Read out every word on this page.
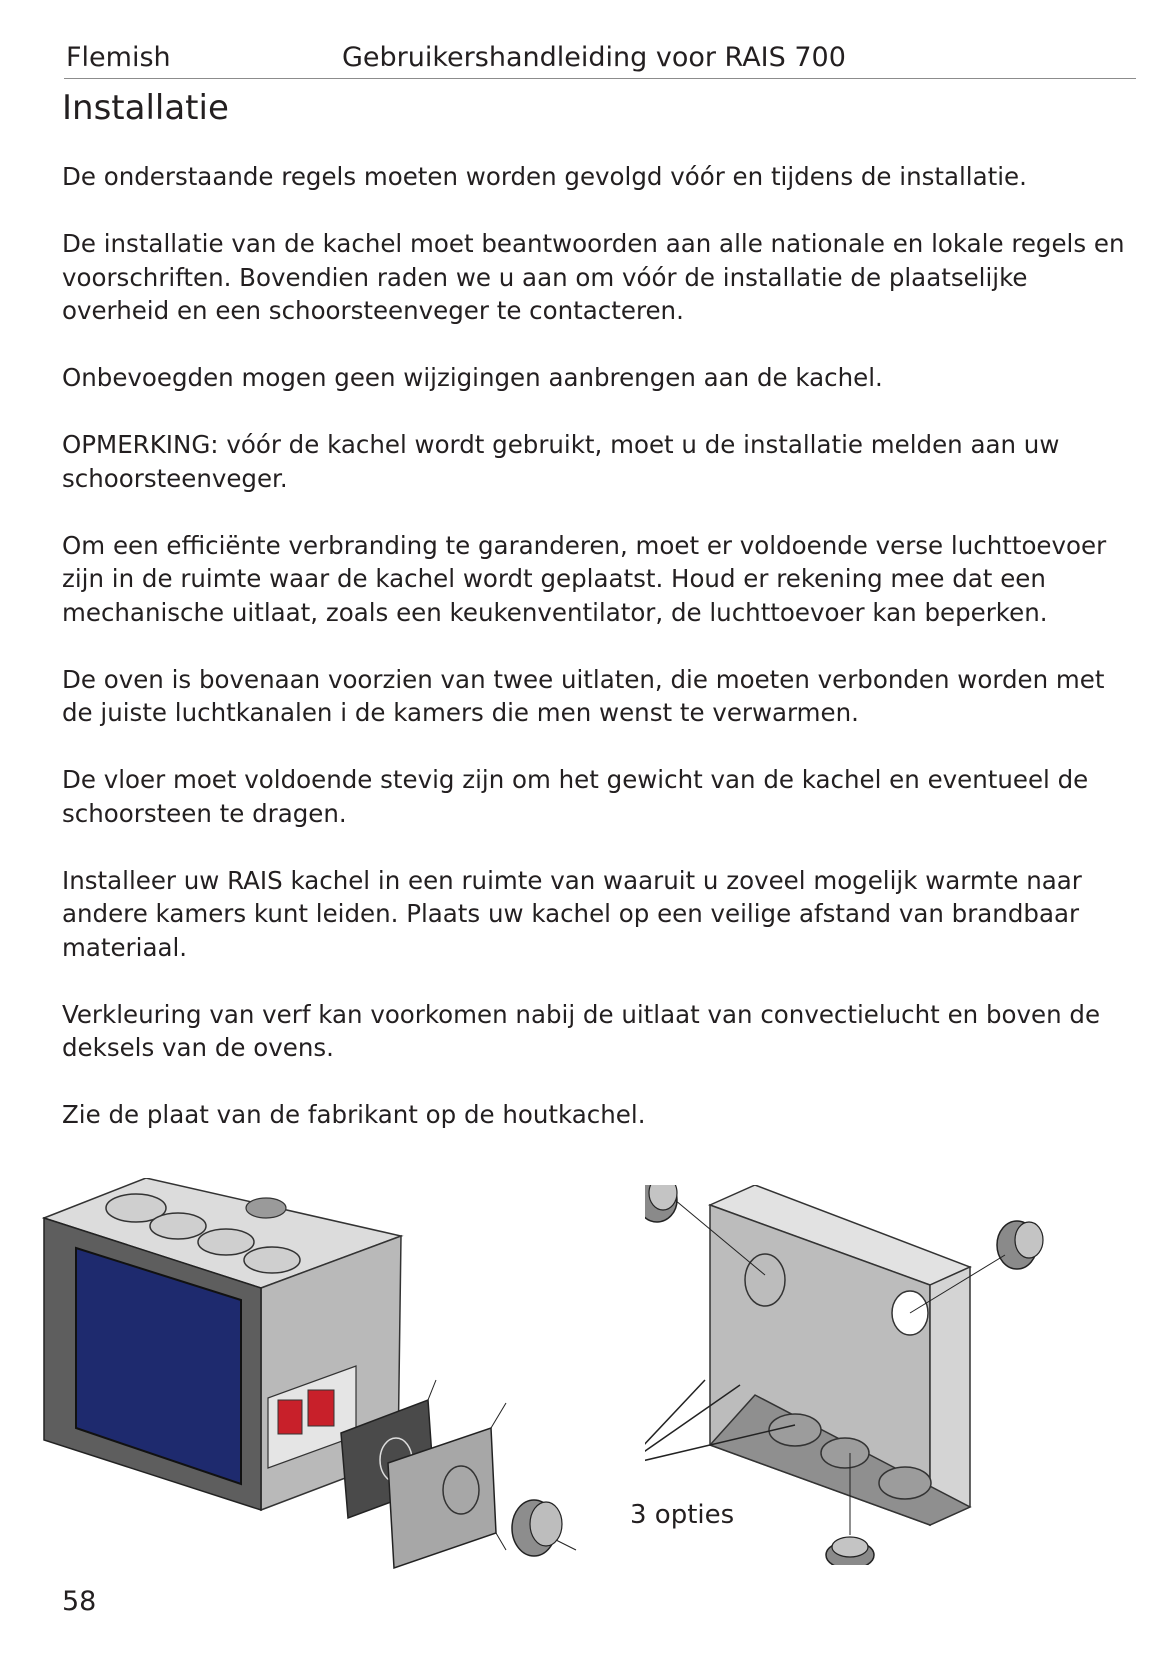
Flemish	Gebruikershandleiding voor RAIS 700
Installatie

De onderstaande regels moeten worden gevolgd vóór en tijdens de installatie.

De installatie van de kachel moet beantwoorden aan alle nationale en lokale regels en voorschriften. Bovendien raden we u aan om vóór de installatie de plaatselijke overheid en een schoorsteenveger te contacteren.

Onbevoegden mogen geen wijzigingen aanbrengen aan de kachel.

OPMERKING: vóór de kachel wordt gebruikt, moet u de installatie melden aan uw schoorsteenveger.

Om een efficiënte verbranding te garanderen, moet er voldoende verse luchttoevoer zijn in de ruimte waar de kachel wordt geplaatst. Houd er rekening mee dat een mechanische uitlaat, zoals een keukenventilator, de luchttoevoer kan beperken.

De oven is bovenaan voorzien van twee uitlaten, die moeten verbonden worden met de juiste luchtkanalen i de kamers die men wenst te verwarmen.

De vloer moet voldoende stevig zijn om het gewicht van de kachel en eventueel de schoorsteen te dragen.

Installeer uw RAIS kachel in een ruimte van waaruit u zoveel mogelijk warmte naar andere kamers kunt leiden. Plaats uw kachel op een veilige afstand van brandbaar materiaal.

Verkleuring van verf kan voorkomen nabij de uitlaat van convectielucht en boven de deksels van de ovens.

Zie de plaat van de fabrikant op de houtkachel.

3 opties
58
